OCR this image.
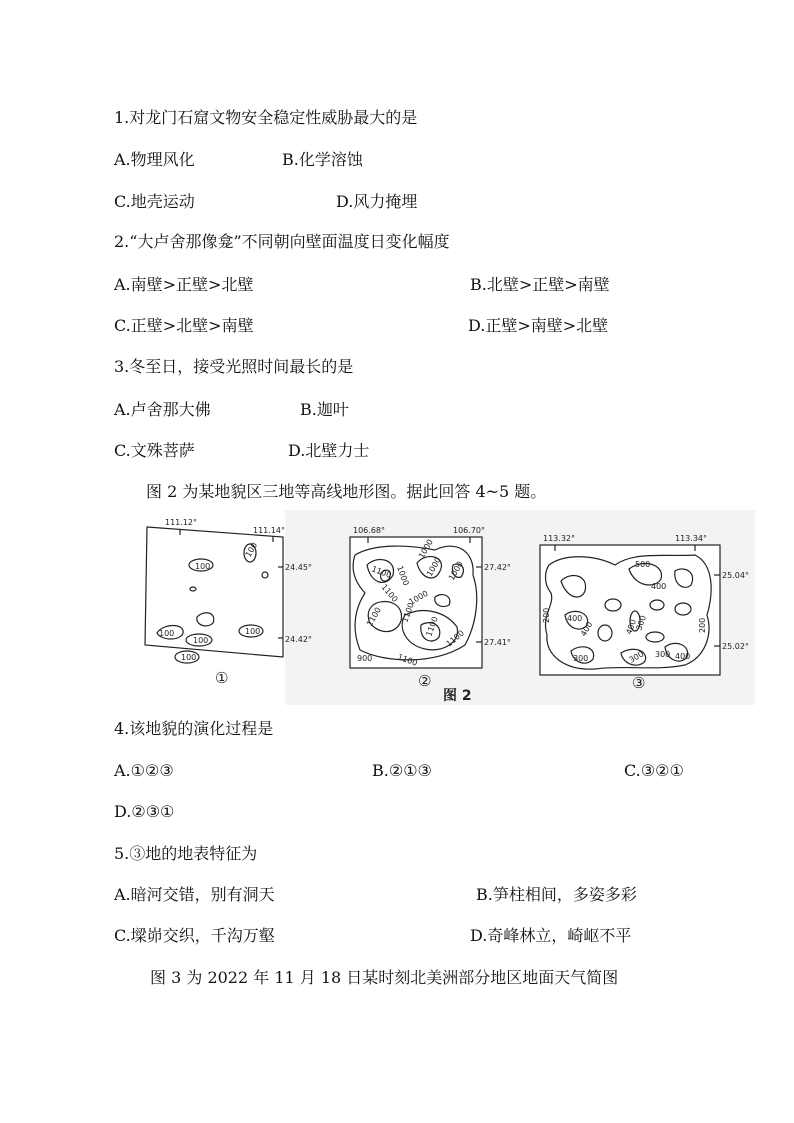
1.对龙门石窟文物安全稳定性威胁最大的是
A.物理风化	B.化学溶蚀
C.地壳运动	D.风力掩埋
2.“大卢舍那像龛”不同朝向壁面温度日变化幅度
A.南壁>正壁>北壁	B.北壁>正壁>南壁
C.正壁>北壁>南壁	D.正壁>南壁>北壁
3.冬至日，接受光照时间最长的是
A.卢舍那大佛	B.迦叶
C.文殊菩萨	D.北壁力士
图 2 为某地貌区三地等高线地形图。据此回答 4~5 题。
111.12°
111.14°
24.45°
24.42°
100
100
100
100
100
100
①
106.68°	106.70°
27.42°
27.41°
1100 1000
1100
1000
1000 1000
1100 1100
1000
1100
1100
900	1100
②
图 2
113.32°	113.34°
25.04°
25.02°
500
400
400	400
300
400
300
200
200
300	300
400
③
4.该地貌的演化过程是
A.①②③	B.②①③	C.③②①
D.②③①
5.③地的地表特征为
A.暗河交错，别有洞天	B.笋柱相间，多姿多彩
C.墚峁交织，千沟万壑	D.奇峰林立，崎岖不平
图 3 为 2022 年 11 月 18 日某时刻北美洲部分地区地面天气简图
